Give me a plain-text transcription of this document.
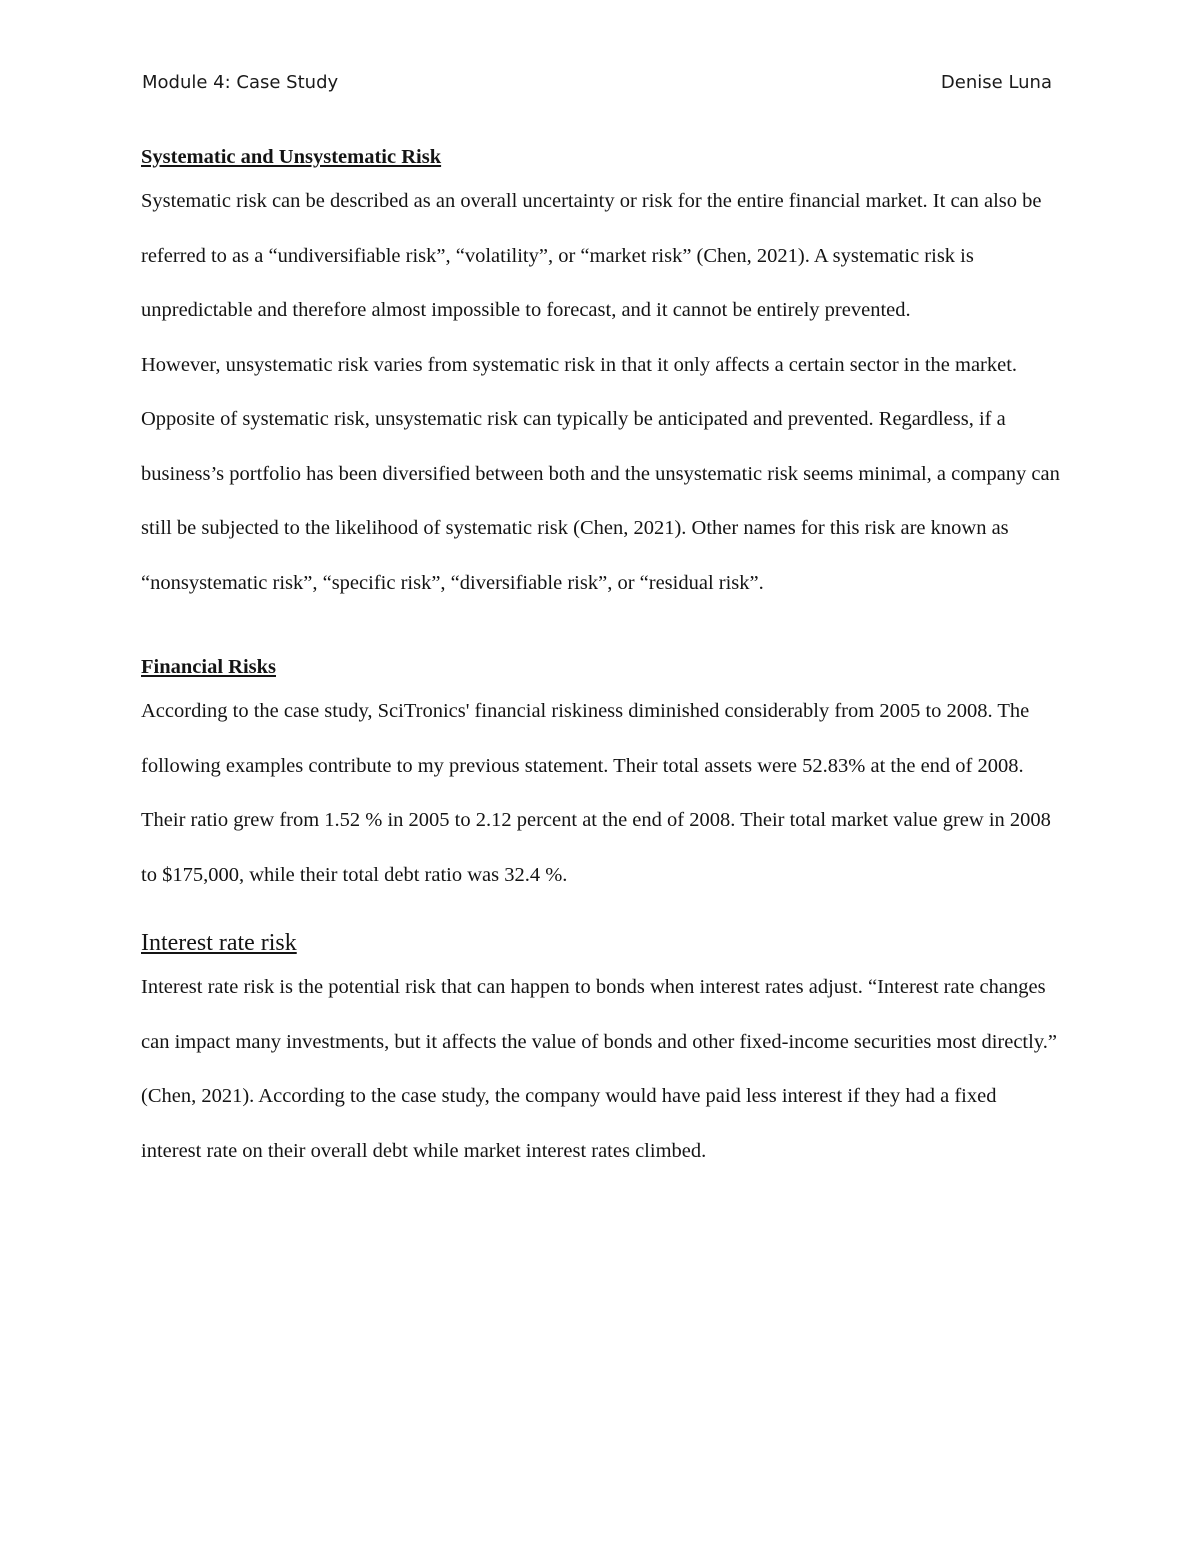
Module 4: Case Study	Denise Luna
Systematic and Unsystematic Risk

Systematic risk can be described as an overall uncertainty or risk for the entire financial market. It can also be referred to as a “undiversifiable risk”, “volatility”, or “market risk” (Chen, 2021). A systematic risk is unpredictable and therefore almost impossible to forecast, and it cannot be entirely prevented.

However, unsystematic risk varies from systematic risk in that it only affects a certain sector in the market. Opposite of systematic risk, unsystematic risk can typically be anticipated and prevented. Regardless, if a business’s portfolio has been diversified between both and the unsystematic risk seems minimal, a company can still be subjected to the likelihood of systematic risk (Chen, 2021). Other names for this risk are known as “nonsystematic risk”, “specific risk”, “diversifiable risk”, or “residual risk”.

Financial Risks

According to the case study, SciTronics' financial riskiness diminished considerably from 2005 to 2008. The following examples contribute to my previous statement. Their total assets were 52.83% at the end of 2008. Their ratio grew from 1.52 % in 2005 to 2.12 percent at the end of 2008. Their total market value grew in 2008 to $175,000, while their total debt ratio was 32.4 %.

Interest rate risk

Interest rate risk is the potential risk that can happen to bonds when interest rates adjust. “Interest rate changes can impact many investments, but it affects the value of bonds and other fixed-income securities most directly.” (Chen, 2021). According to the case study, the company would have paid less interest if they had a fixed interest rate on their overall debt while market interest rates climbed.
